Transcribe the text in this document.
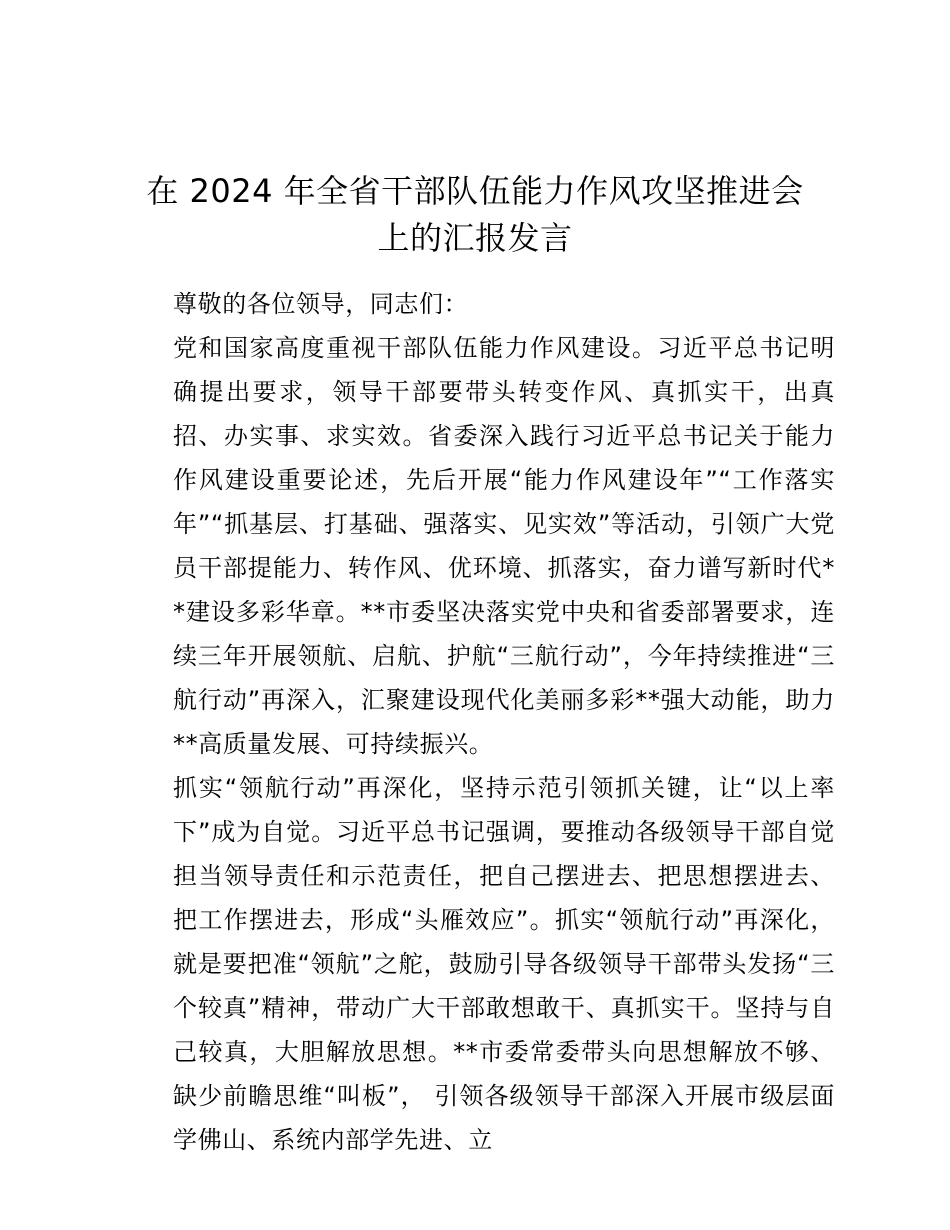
在 2024 年全省干部队伍能力作风攻坚推进会
上的汇报发言

尊敬的各位领导，同志们：

党和国家高度重视干部队伍能力作风建设。习近平总书记明确提出要求，领导干部要带头转变作风、真抓实干，出真招、办实事、求实效。省委深入践行习近平总书记关于能力作风建设重要论述，先后开展“能力作风建设年”“工作落实年”“抓基层、打基础、强落实、见实效”等活动，引领广大党员干部提能力、转作风、优环境、抓落实，奋力谱写新时代**建设多彩华章。**市委坚决落实党中央和省委部署要求，连续三年开展领航、启航、护航“三航行动”，今年持续推进“三航行动”再深入，汇聚建设现代化美丽多彩**强大动能，助力**高质量发展、可持续振兴。

抓实“领航行动”再深化，坚持示范引领抓关键，让“以上率下”成为自觉。习近平总书记强调，要推动各级领导干部自觉担当领导责任和示范责任，把自己摆进去、把思想摆进去、把工作摆进去，形成“头雁效应”。抓实“领航行动”再深化，就是要把准“领航”之舵，鼓励引导各级领导干部带头发扬“三个较真”精神，带动广大干部敢想敢干、真抓实干。坚持与自己较真，大胆解放思想。**市委常委带头向思想解放不够、缺少前瞻思维“叫板”， 引领各级领导干部深入开展市级层面学佛山、系统内部学先进、立
